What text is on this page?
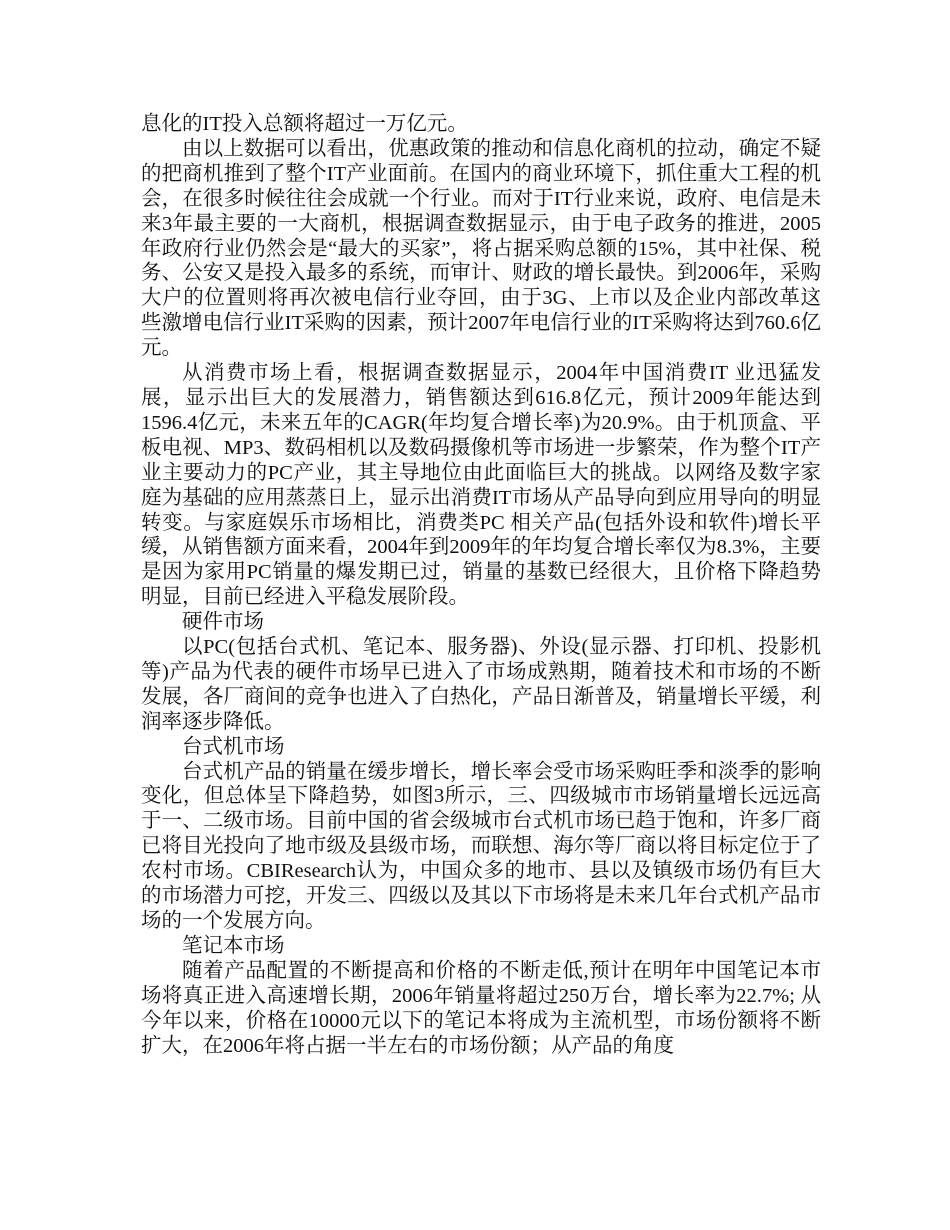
息化的IT投入总额将超过一万亿元。

由以上数据可以看出，优惠政策的推动和信息化商机的拉动，确定不疑的把商机推到了整个IT产业面前。在国内的商业环境下，抓住重大工程的机会，在很多时候往往会成就一个行业。而对于IT行业来说，政府、电信是未来3年最主要的一大商机，根据调查数据显示，由于电子政务的推进，2005年政府行业仍然会是“最大的买家”，将占据采购总额的15%，其中社保、税务、公安又是投入最多的系统，而审计、财政的增长最快。到2006年，采购大户的位置则将再次被电信行业夺回，由于3G、上市以及企业内部改革这些激增电信行业IT采购的因素，预计2007年电信行业的IT采购将达到760.6亿元。

从消费市场上看，根据调查数据显示，2004年中国消费IT 业迅猛发展，显示出巨大的发展潜力，销售额达到616.8亿元，预计2009年能达到1596.4亿元，未来五年的CAGR(年均复合增长率)为20.9%。由于机顶盒、平板电视、MP3、数码相机以及数码摄像机等市场进一步繁荣，作为整个IT产业主要动力的PC产业，其主导地位由此面临巨大的挑战。以网络及数字家庭为基础的应用蒸蒸日上，显示出消费IT市场从产品导向到应用导向的明显转变。与家庭娱乐市场相比，消费类PC 相关产品(包括外设和软件)增长平缓，从销售额方面来看，2004年到2009年的年均复合增长率仅为8.3%，主要是因为家用PC销量的爆发期已过，销量的基数已经很大，且价格下降趋势明显，目前已经进入平稳发展阶段。

硬件市场

以PC(包括台式机、笔记本、服务器)、外设(显示器、打印机、投影机等)产品为代表的硬件市场早已进入了市场成熟期，随着技术和市场的不断发展，各厂商间的竞争也进入了白热化，产品日渐普及，销量增长平缓，利润率逐步降低。

台式机市场

台式机产品的销量在缓步增长，增长率会受市场采购旺季和淡季的影响变化，但总体呈下降趋势，如图3所示，三、四级城市市场销量增长远远高于一、二级市场。目前中国的省会级城市台式机市场已趋于饱和，许多厂商已将目光投向了地市级及县级市场，而联想、海尔等厂商以将目标定位于了农村市场。CBIResearch认为，中国众多的地市、县以及镇级市场仍有巨大的市场潜力可挖，开发三、四级以及其以下市场将是未来几年台式机产品市场的一个发展方向。

笔记本市场

随着产品配置的不断提高和价格的不断走低,预计在明年中国笔记本市场将真正进入高速增长期，2006年销量将超过250万台，增长率为22.7%; 从今年以来，价格在10000元以下的笔记本将成为主流机型，市场份额将不断扩大，在2006年将占据一半左右的市场份额；从产品的角度
